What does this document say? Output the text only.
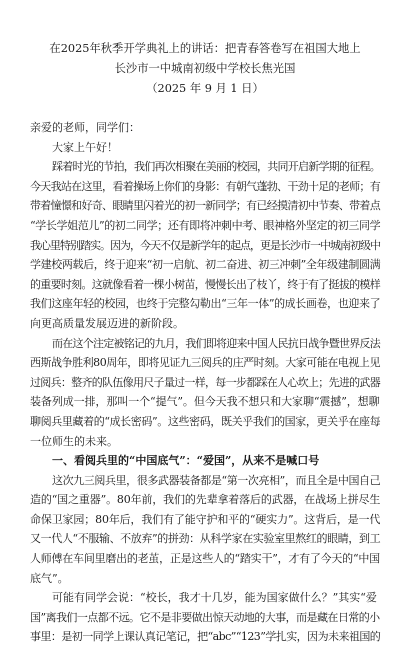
在2025年秋季开学典礼上的讲话：把青春答卷写在祖国大地上
长沙市一中城南初级中学校长焦光国
（2025 年 9 月 1 日）
亲爱的老师，同学们：
大家上午好！
踩着时光的节拍，我们再次相聚在美丽的校园，共同开启新学期的征程。
今天我站在这里，看着操场上你们的身影：有朝气蓬勃、干劲十足的老师；有
带着憧憬和好奇、眼睛里闪着光的初一新同学；有已经摸清初中节奏、带着点
“学长学姐范儿”的初二同学；还有即将冲刺中考、眼神格外坚定的初三同学
我心里特别踏实。因为，今天不仅是新学年的起点，更是长沙市一中城南初级中
学建校两载后，终于迎来“初一启航、初二奋进、初三冲刺”全年级建制圆满
的重要时刻。这就像看着一棵小树苗，慢慢长出了枝丫，终于有了挺拔的模样
我们这座年轻的校园，也终于完整勾勒出“三年一体”的成长画卷，也迎来了
向更高质量发展迈进的新阶段。
而在这个注定被铭记的九月，我们即将迎来中国人民抗日战争暨世界反法
西斯战争胜利80周年，即将见证九三阅兵的庄严时刻。大家可能在电视上见
过阅兵：整齐的队伍像用尺子量过一样，每一步都踩在人心坎上；先进的武器
装备列成一排，那叫一个“提气”。但今天我不想只和大家聊“震撼”，想聊
聊阅兵里藏着的“成长密码”。这些密码，既关乎我们的国家，更关乎在座每
一位师生的未来。
一、看阅兵里的“中国底气”：“爱国”，从来不是喊口号
这次九三阅兵里，很多武器装备都是“第一次亮相”，而且全是中国自己
造的“国之重器”。80年前，我们的先辈拿着落后的武器，在战场上拼尽生
命保卫家园；80年后，我们有了能守护和平的“硬实力”。这背后，是一代
又一代人“不服输、不放弃”的拼劲：从科学家在实验室里熬红的眼睛，到工
人师傅在车间里磨出的老茧，正是这些人的“踏实干”，才有了今天的“中国
底气”。
可能有同学会说：“校长，我才十几岁，能为国家做什么？”其实“爱
国”离我们一点都不远。它不是非要做出惊天动地的大事，而是藏在日常的小
事里：是初一同学上课认真记笔记，把“abc”“123”学扎实，因为未来祖国的
